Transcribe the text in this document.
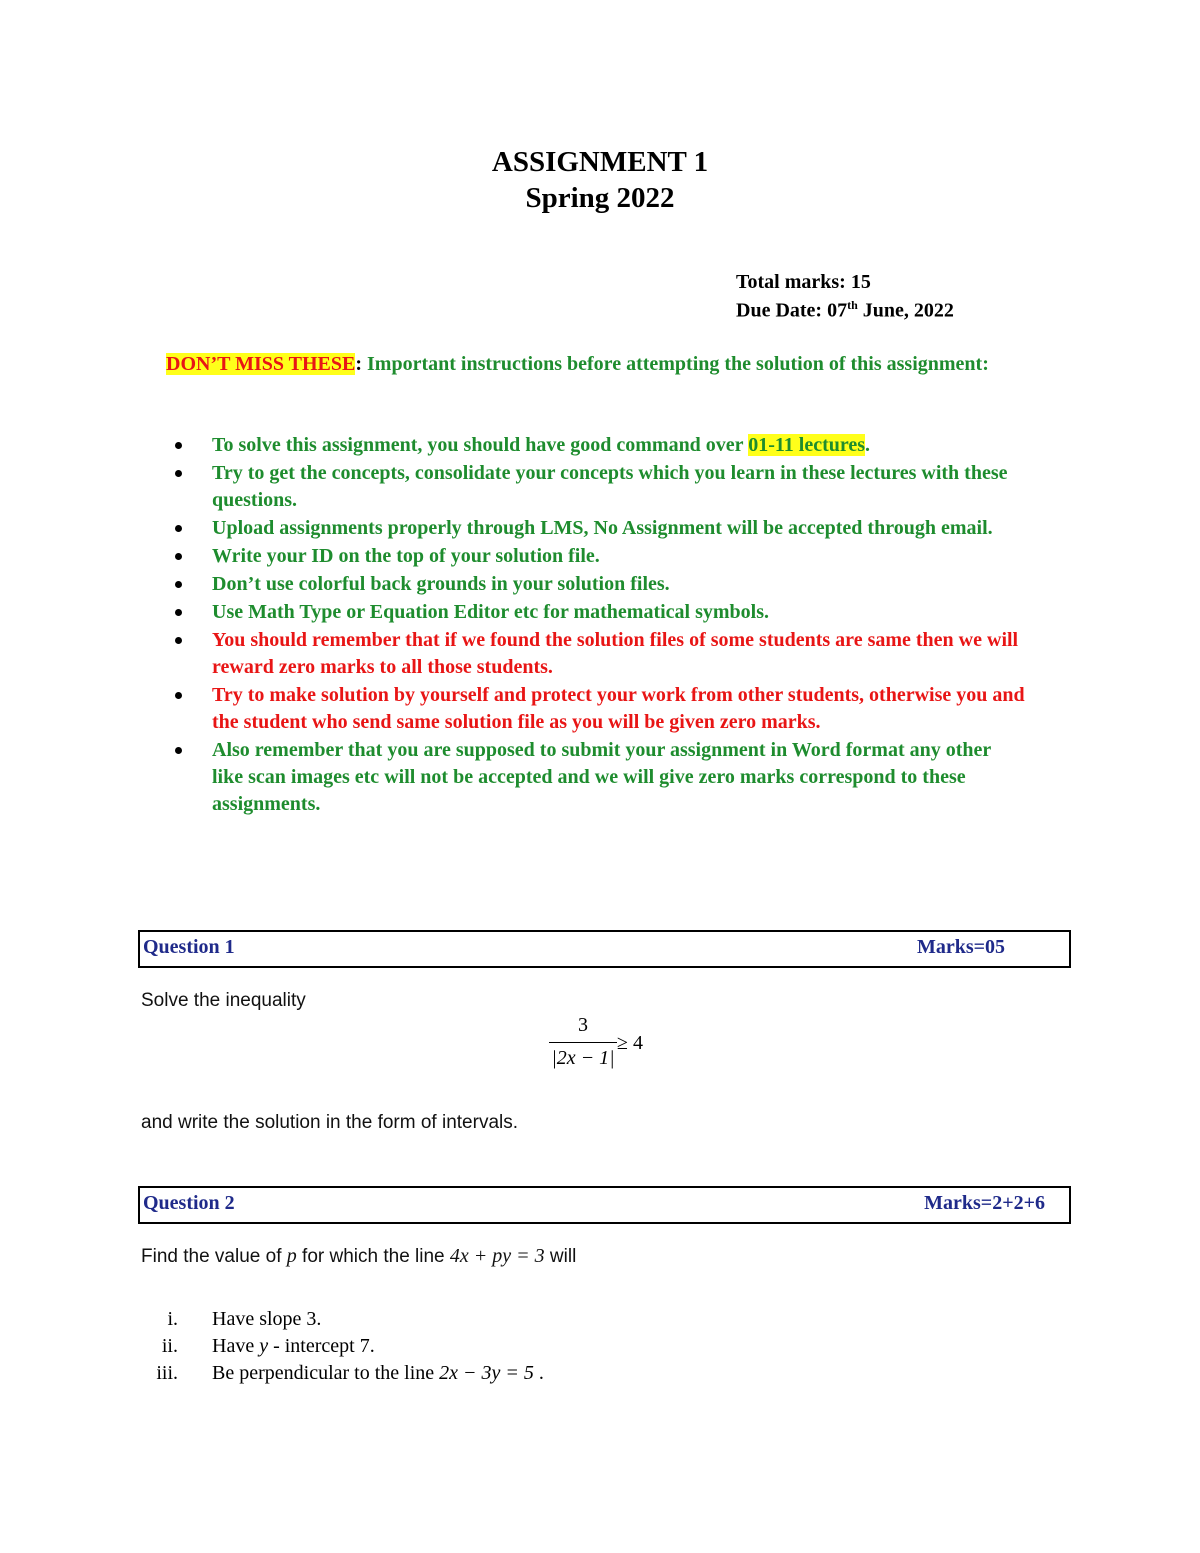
ASSIGNMENT 1
Spring 2022
Total marks: 15
Due Date: 07th June, 2022
DON’T MISS THESE: Important instructions before attempting the solution of this assignment:
To solve this assignment, you should have good command over 01-11 lectures.
Try to get the concepts, consolidate your concepts which you learn in these lectures with these questions.
Upload assignments properly through LMS, No Assignment will be accepted through email.
Write your ID on the top of your solution file.
Don’t use colorful back grounds in your solution files.
Use Math Type or Equation Editor etc for mathematical symbols.
You should remember that if we found the solution files of some students are same then we will reward zero marks to all those students.
Try to make solution by yourself and protect your work from other students, otherwise you and the student who send same solution file as you will be given zero marks.
Also remember that you are supposed to submit your assignment in Word format any other like scan images etc will not be accepted and we will give zero marks correspond to these assignments.
Question 1	Marks=05
Solve the inequality
3
|2x − 1|
≥ 4
and write the solution in the form of intervals.
Question 2	Marks=2+2+6
Find the value of p for which the line 4x + py = 3 will
i. Have slope 3.
ii. Have y - intercept 7.
iii. Be perpendicular to the line 2x − 3y = 5 .
